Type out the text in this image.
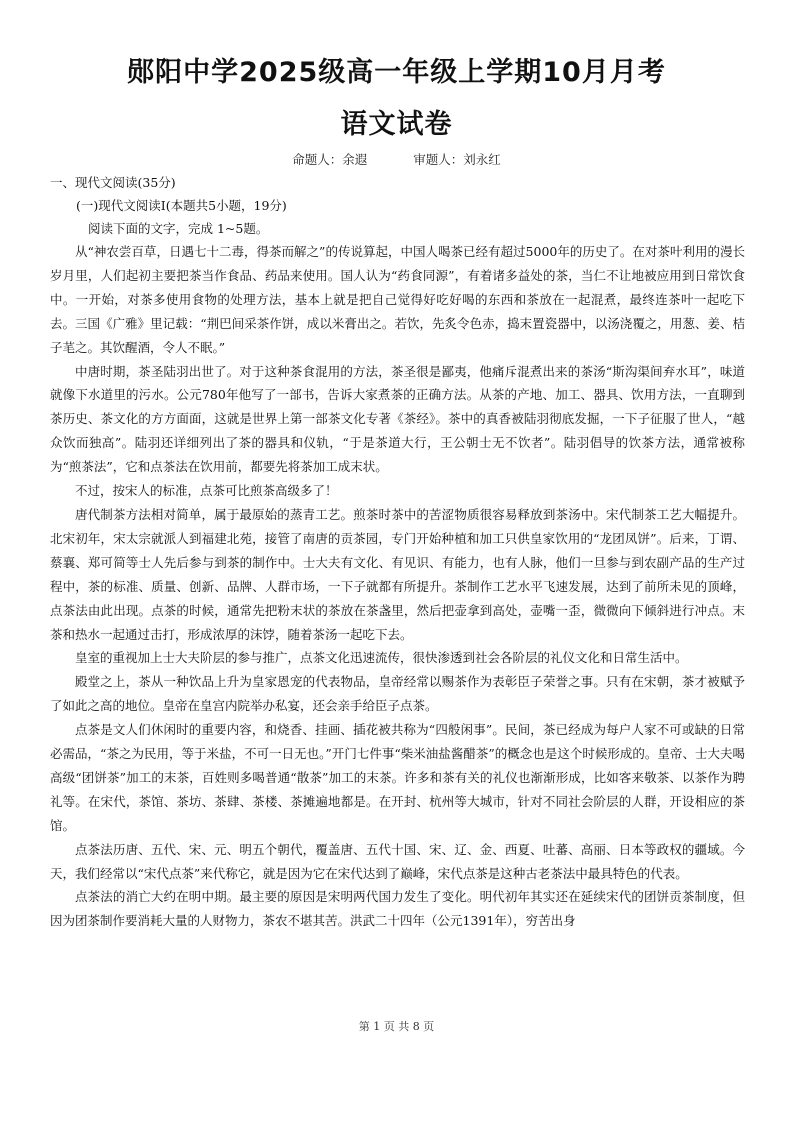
郧阳中学2025级高一年级上学期10月月考
语文试卷
命题人：余遐	审题人：刘永红
一、现代文阅读(35分)
(一)现代文阅读Ⅰ(本题共5小题，19分)
阅读下面的文字，完成 1~5题。

从“神农尝百草，日遇七十二毒，得茶而解之”的传说算起，中国人喝茶已经有超过5000年的历史了。在对茶叶利用的漫长岁月里，人们起初主要把茶当作食品、药品来使用。国人认为“药食同源”，有着诸多益处的茶，当仁不让地被应用到日常饮食中。一开始，对茶多使用食物的处理方法，基本上就是把自己觉得好吃好喝的东西和茶放在一起混煮，最终连茶叶一起吃下去。三国《广雅》里记载：“荆巴间采茶作饼，成以米膏出之。若饮，先炙令色赤，捣末置瓷器中，以汤浇覆之，用葱、姜、桔子芼之。其饮醒酒，令人不眠。”

中唐时期，茶圣陆羽出世了。对于这种茶食混用的方法，茶圣很是鄙夷，他痛斥混煮出来的茶汤“斯沟渠间弃水耳”，味道就像下水道里的污水。公元780年他写了一部书，告诉大家煮茶的正确方法。从茶的产地、加工、器具、饮用方法，一直聊到茶历史、茶文化的方方面面，这就是世界上第一部茶文化专著《茶经》。茶中的真香被陆羽彻底发掘，一下子征服了世人，“越众饮而独高”。陆羽还详细列出了茶的器具和仪轨，“于是茶道大行，王公朝士无不饮者”。陆羽倡导的饮茶方法，通常被称为“煎茶法”，它和点茶法在饮用前，都要先将茶加工成末状。

不过，按宋人的标准，点茶可比煎茶高级多了！

唐代制茶方法相对简单，属于最原始的蒸青工艺。煎茶时茶中的苦涩物质很容易释放到茶汤中。宋代制茶工艺大幅提升。北宋初年，宋太宗就派人到福建北苑，接管了南唐的贡茶园，专门开始种植和加工只供皇家饮用的“龙团凤饼”。后来，丁谓、蔡襄、郑可简等士人先后参与到茶的制作中。士大夫有文化、有见识、有能力，也有人脉，他们一旦参与到农副产品的生产过程中，茶的标准、质量、创新、品牌、人群市场，一下子就都有所提升。茶制作工艺水平飞速发展，达到了前所未见的顶峰，点茶法由此出现。点茶的时候，通常先把粉末状的茶放在茶盏里，然后把壶拿到高处，壶嘴一歪，微微向下倾斜进行冲点。末茶和热水一起通过击打，形成浓厚的沫饽，随着茶汤一起吃下去。

皇室的重视加上士大夫阶层的参与推广，点茶文化迅速流传，很快渗透到社会各阶层的礼仪文化和日常生活中。

殿堂之上，茶从一种饮品上升为皇家恩宠的代表物品，皇帝经常以赐茶作为表彰臣子荣誉之事。只有在宋朝，茶才被赋予了如此之高的地位。皇帝在皇宫内院举办私宴，还会亲手给臣子点茶。

点茶是文人们休闲时的重要内容，和烧香、挂画、插花被共称为“四般闲事”。民间，茶已经成为每户人家不可或缺的日常必需品，“茶之为民用，等于米盐，不可一日无也。”开门七件事“柴米油盐酱醋茶”的概念也是这个时候形成的。皇帝、士大夫喝高级“团饼茶”加工的末茶，百姓则多喝普通“散茶”加工的末茶。许多和茶有关的礼仪也渐渐形成，比如客来敬茶、以茶作为聘礼等。在宋代，茶馆、茶坊、茶肆、茶楼、茶摊遍地都是。在开封、杭州等大城市，针对不同社会阶层的人群，开设相应的茶馆。

点茶法历唐、五代、宋、元、明五个朝代，覆盖唐、五代十国、宋、辽、金、西夏、吐蕃、高丽、日本等政权的疆域。今天，我们经常以“宋代点茶”来代称它，就是因为它在宋代达到了巅峰，宋代点茶是这种古老茶法中最具特色的代表。

点茶法的消亡大约在明中期。最主要的原因是宋明两代国力发生了变化。明代初年其实还在延续宋代的团饼贡茶制度，但因为团茶制作要消耗大量的人财物力，茶农不堪其苦。洪武二十四年（公元1391年），穷苦出身

第 1 页 共 8 页
